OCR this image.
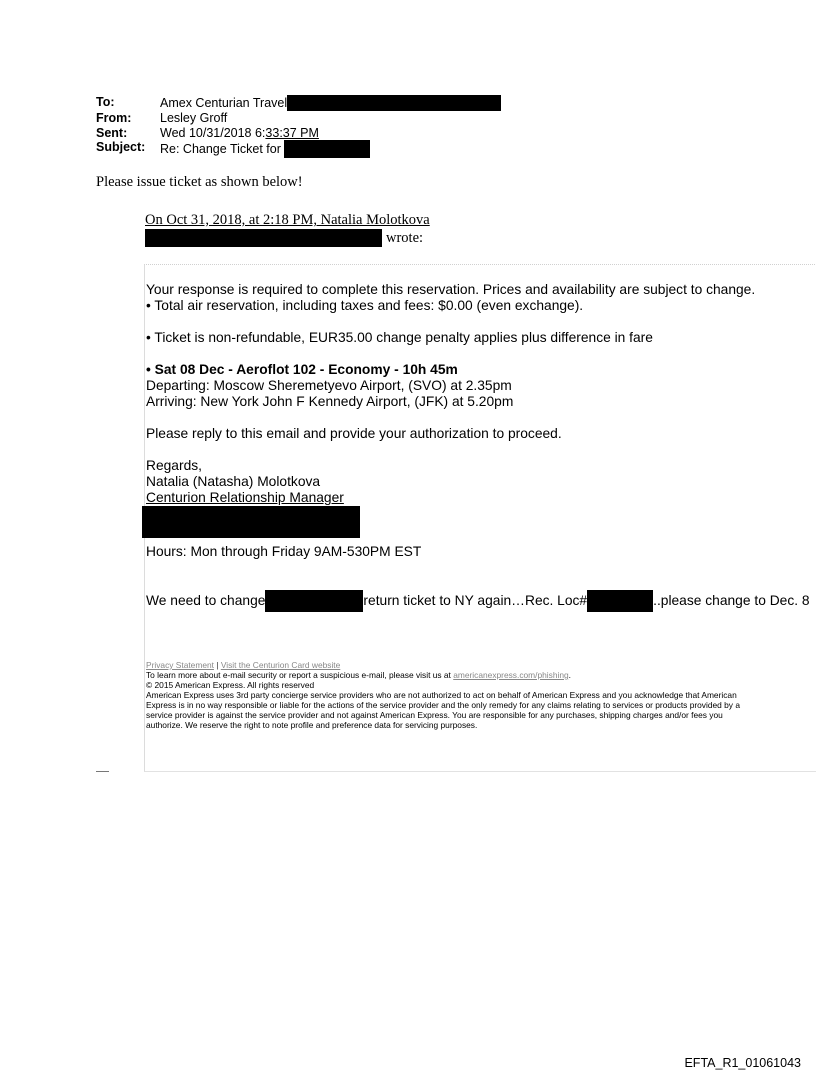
To:	Amex Centurian Travel
From:	Lesley Groff
Sent:	Wed 10/31/2018 6: 33:37 PM
Subject:	Re: Change Ticket for
Please issue ticket as shown below!
On Oct 31, 2018, at 2:18 PM, Natalia Molotkova
wrote:

Your response is required to complete this reservation. Prices and availability are subject to change.

• Total air reservation, including taxes and fees: $0.00 (even exchange).

• Ticket is non-refundable, EUR35.00 change penalty applies plus difference in fare

• Sat 08 Dec - Aeroflot 102 - Economy - 10h 45m

Departing: Moscow Sheremetyevo Airport, (SVO) at 2.35pm

Arriving: New York John F Kennedy Airport, (JFK) at 5.20pm

Please reply to this email and provide your authorization to proceed.

Regards,

Natalia (Natasha) Molotkova

Centurion Relationship Manager

Hours: Mon through Friday 9AM-530PM EST

We need to change	return ticket to NY again…Rec. Loc#	..please change to Dec. 8
Privacy Statement | Visit the Centurion Card website
To learn more about e-mail security or report a suspicious e-mail, please visit us at americanexpress.com/phishing.
© 2015 American Express. All rights reserved
American Express uses 3rd party concierge service providers who are not authorized to act on behalf of American Express and you acknowledge that American
Express is in no way responsible or liable for the actions of the service provider and the only remedy for any claims relating to services or products provided by a
service provider is against the service provider and not against American Express. You are responsible for any purchases, shipping charges and/or fees you
authorize. We reserve the right to note profile and preference data for servicing purposes.
EFTA_R1_01061043
